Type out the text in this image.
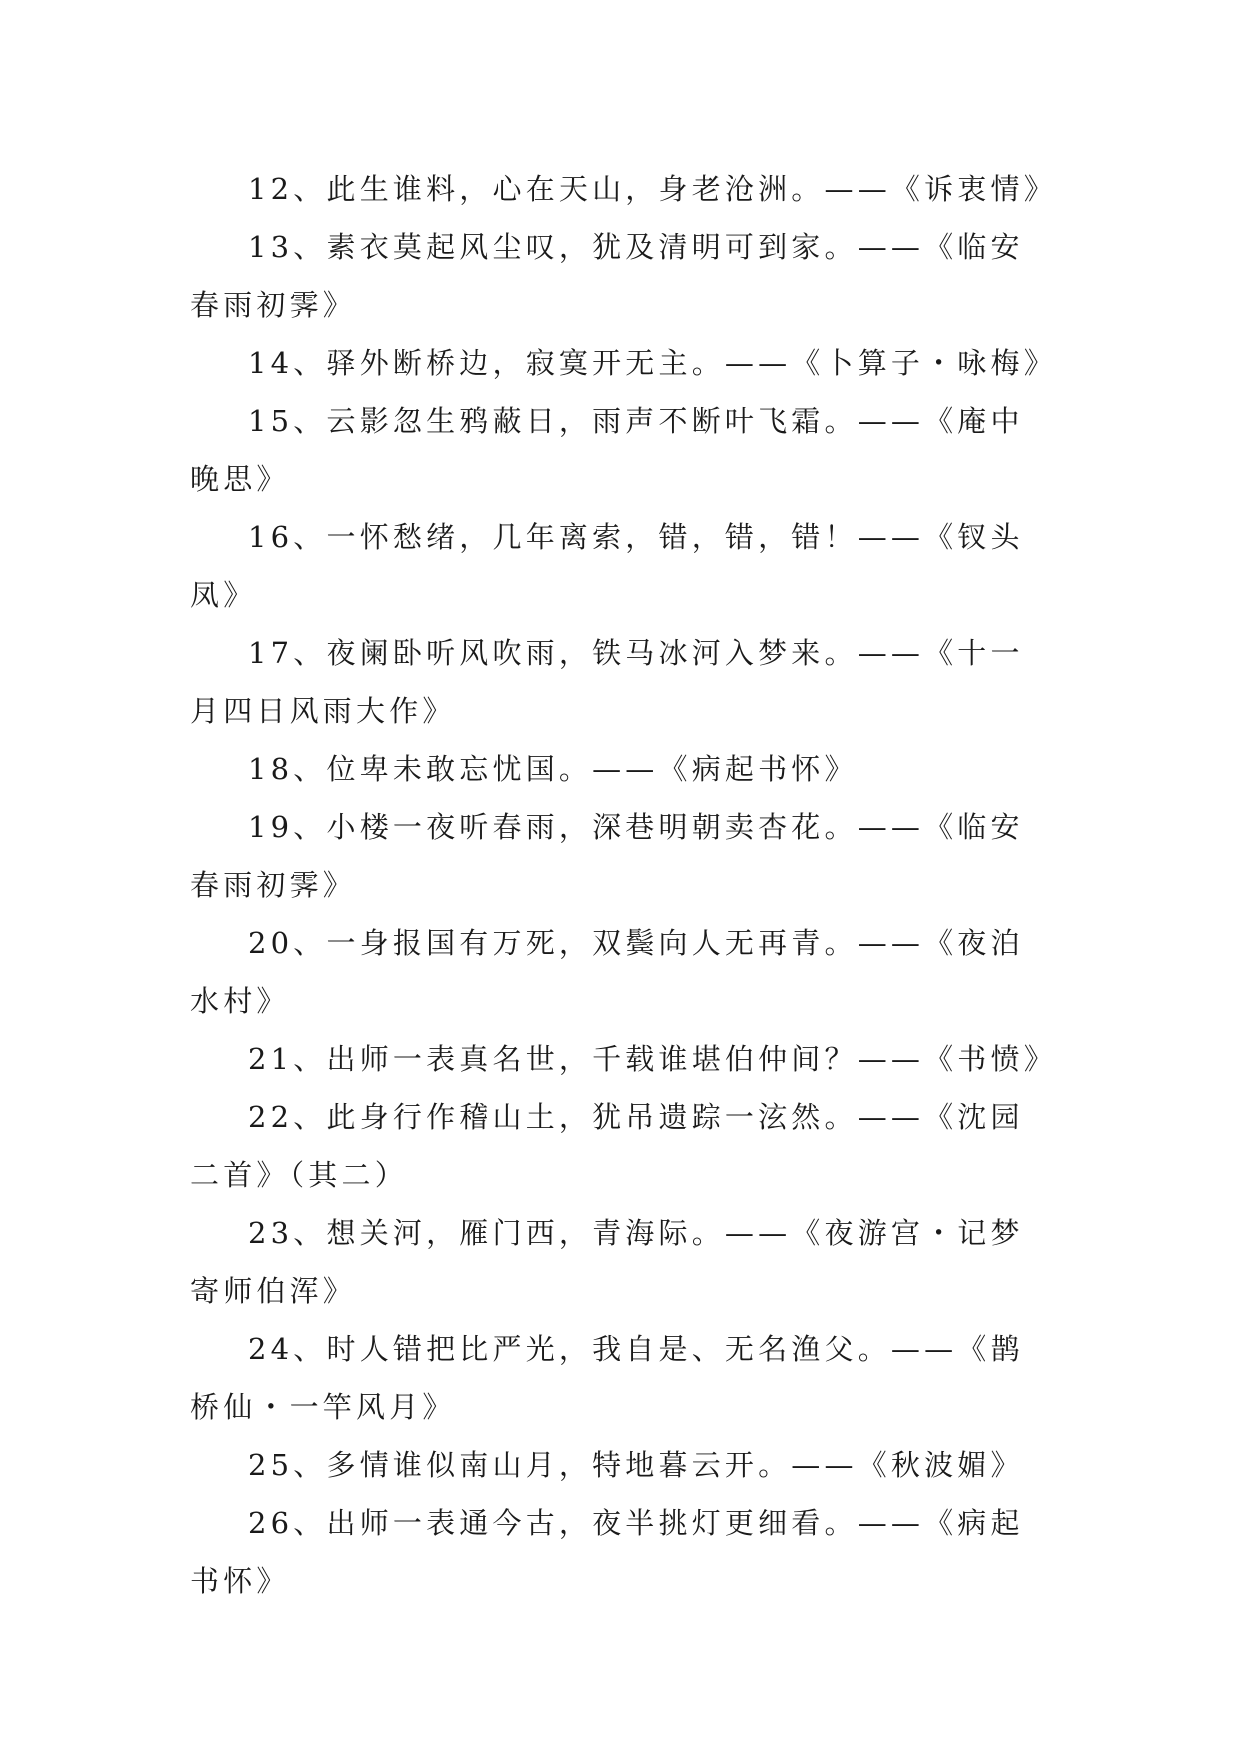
12、此生谁料，心在天山，身老沧洲。——《诉衷情》

13、素衣莫起风尘叹，犹及清明可到家。——《临安春雨初霁》

14、驿外断桥边，寂寞开无主。——《卜算子・咏梅》

15、云影忽生鸦蔽日，雨声不断叶飞霜。——《庵中晚思》

16、一怀愁绪，几年离索，错，错，错！——《钗头凤》

17、夜阑卧听风吹雨，铁马冰河入梦来。——《十一月四日风雨大作》

18、位卑未敢忘忧国。——《病起书怀》

19、小楼一夜听春雨，深巷明朝卖杏花。——《临安春雨初霁》

20、一身报国有万死，双鬓向人无再青。——《夜泊水村》

21、出师一表真名世，千载谁堪伯仲间？——《书愤》

22、此身行作稽山土，犹吊遗踪一泫然。——《沈园二首》（其二）

23、想关河，雁门西，青海际。——《夜游宫・记梦寄师伯浑》

24、时人错把比严光，我自是、无名渔父。——《鹊桥仙・一竿风月》

25、多情谁似南山月，特地暮云开。——《秋波媚》

26、出师一表通今古，夜半挑灯更细看。——《病起书怀》
